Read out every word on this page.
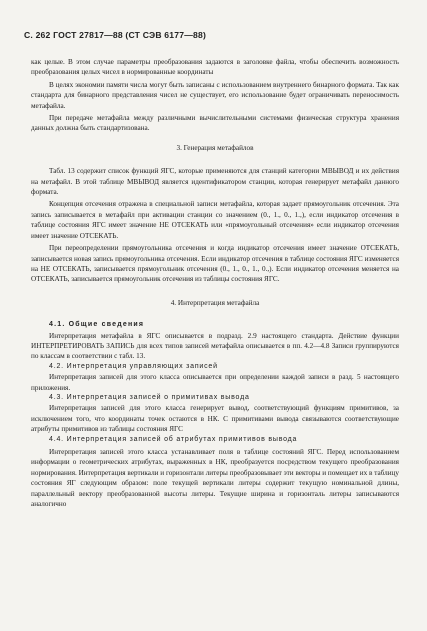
С. 262 ГОСТ 27817—88 (СТ СЭВ 6177—88)

как целые. В этом случае параметры преобразования задаются в заголовке файла, чтобы обеспечить возможность преобразования целых чисел в нормированные координаты

В целях экономии памяти числа могут быть записаны с использованием внутреннего бинарного формата. Так как стандарта для бинарного представления чисел не существует, его использование будет ограничивать переносимость метафайла.

При передаче метафайла между различными вычислительными системами физическая структура хранения данных должна быть стандартизована.

3. Генерация метафайлов

Табл. 13 содержит список функций ЯГС, которые применяются для станций категории МВЫВОД и их действия на метафайл. В этой таблице МВЫВОД является идентификатором станции, которая генерирует метафайл данного формата.

Концепция отсечения отражена в специальной записи метафайла, которая задает прямоугольник отсечения. Эта запись записывается в метафайл при активации станции со значением (0., 1., 0., 1.,), если индикатор отсечения в таблице состояния ЯГС имеет значение НЕ ОТСЕКАТЬ или «прямоугольный отсечения» если индикатор отсечения имеет значение ОТСЕКАТЬ.

При переопределении прямоугольника отсечения и когда индикатор отсечения имеет значение ОТСЕКАТЬ, записывается новая запись прямоугольника отсечения. Если индикатор отсечения в таблице состояния ЯГС изменяется на НЕ ОТСЕКАТЬ, записывается прямоугольник отсечения (0., 1., 0., 1., 0.,). Если индикатор отсечения меняется на ОТСЕКАТЬ, записывается прямоугольник отсечения из таблицы состояния ЯГС.

4. Интерпретация метафайла

4.1. Общие сведения

Интерпретация метафайла в ЯГС описывается в подразд. 2.9 настоящего стандарта. Действие функции ИНТЕРПРЕТИРОВАТЬ ЗАПИСЬ для всех типов записей метафайла описывается в пп. 4.2—4.8 Записи группируются по классам в соответствии с табл. 13.

4.2. Интерпретация управляющих записей

Интерпретация записей для этого класса описывается при определении каждой записи в разд. 5 настоящего приложения.

4.3. Интерпретация записей о примитивах вывода

Интерпретация записей для этого класса генерирует вывод, соответствующий функциям примитивов, за исключением того, что координаты точек остаются в НК. С примитивами вывода связываются соответствующие атрибуты примитивов из таблицы состояния ЯГС

4.4. Интерпретация записей об атрибутах примитивов вывода

Интерпретация записей этого класса устанавливает поля в таблице состояний ЯГС. Перед использованием информации о геометрических атрибутах, выраженных в НК, преобразуется посредством текущего преобразования нормирования. Интерпретация вертикали и горизонтали литеры преобразовывает эти векторы и помещает их в таблицу состояния ЯГ следующим образом: поле текущей вертикали литеры содержит текущую номинальной длины, параллельный вектору преобразованной высоты литеры. Текущие ширина и горизонталь литеры записываются аналогично
